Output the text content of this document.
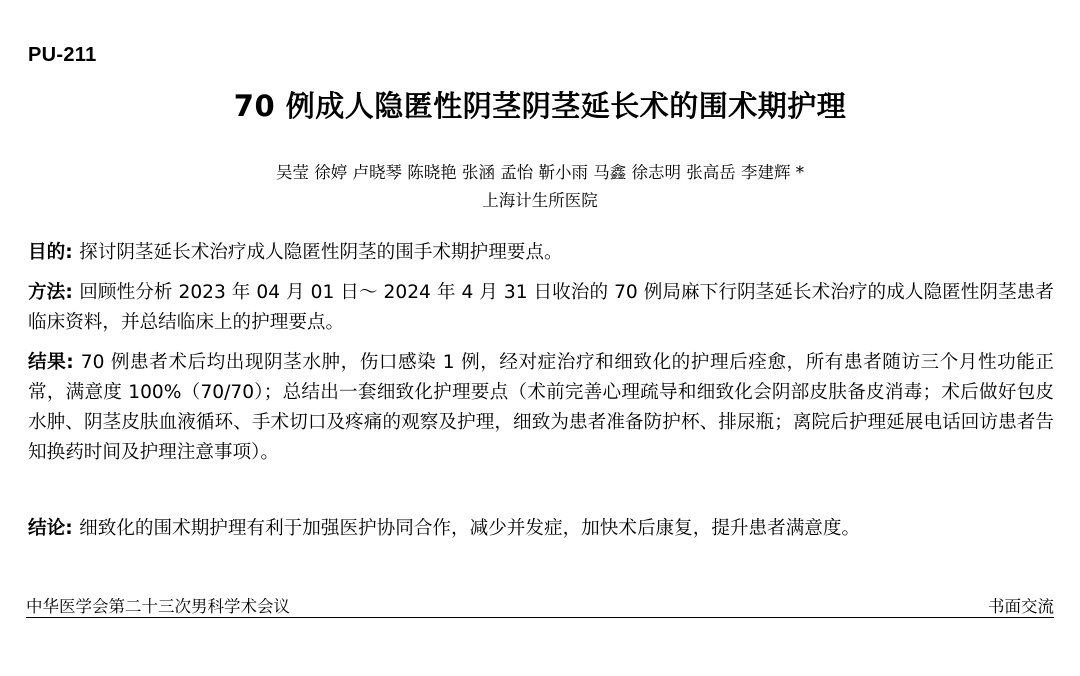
PU-211
70 例成人隐匿性阴茎阴茎延长术的围术期护理
吴莹 徐婷 卢晓琴 陈晓艳 张涵 孟怡 靳小雨 马鑫 徐志明 张高岳 李建辉 *
上海计生所医院
目的: 探讨阴茎延长术治疗成人隐匿性阴茎的围手术期护理要点。
方法: 回顾性分析 2023 年 04 月 01 日～ 2024 年 4 月 31 日收治的 70 例局麻下行阴茎延长术治疗的成人隐匿性阴茎患者临床资料，并总结临床上的护理要点。
结果: 70 例患者术后均出现阴茎水肿，伤口感染 1 例，经对症治疗和细致化的护理后痊愈，所有患者随访三个月性功能正常，满意度 100%（70/70）；总结出一套细致化护理要点（术前完善心理疏导和细致化会阴部皮肤备皮消毒；术后做好包皮水肿、阴茎皮肤血液循环、手术切口及疼痛的观察及护理，细致为患者准备防护杯、排尿瓶；离院后护理延展电话回访患者告知换药时间及护理注意事项）。
结论: 细致化的围术期护理有利于加强医护协同合作，减少并发症，加快术后康复，提升患者满意度。
中华医学会第二十三次男科学术会议	书面交流
